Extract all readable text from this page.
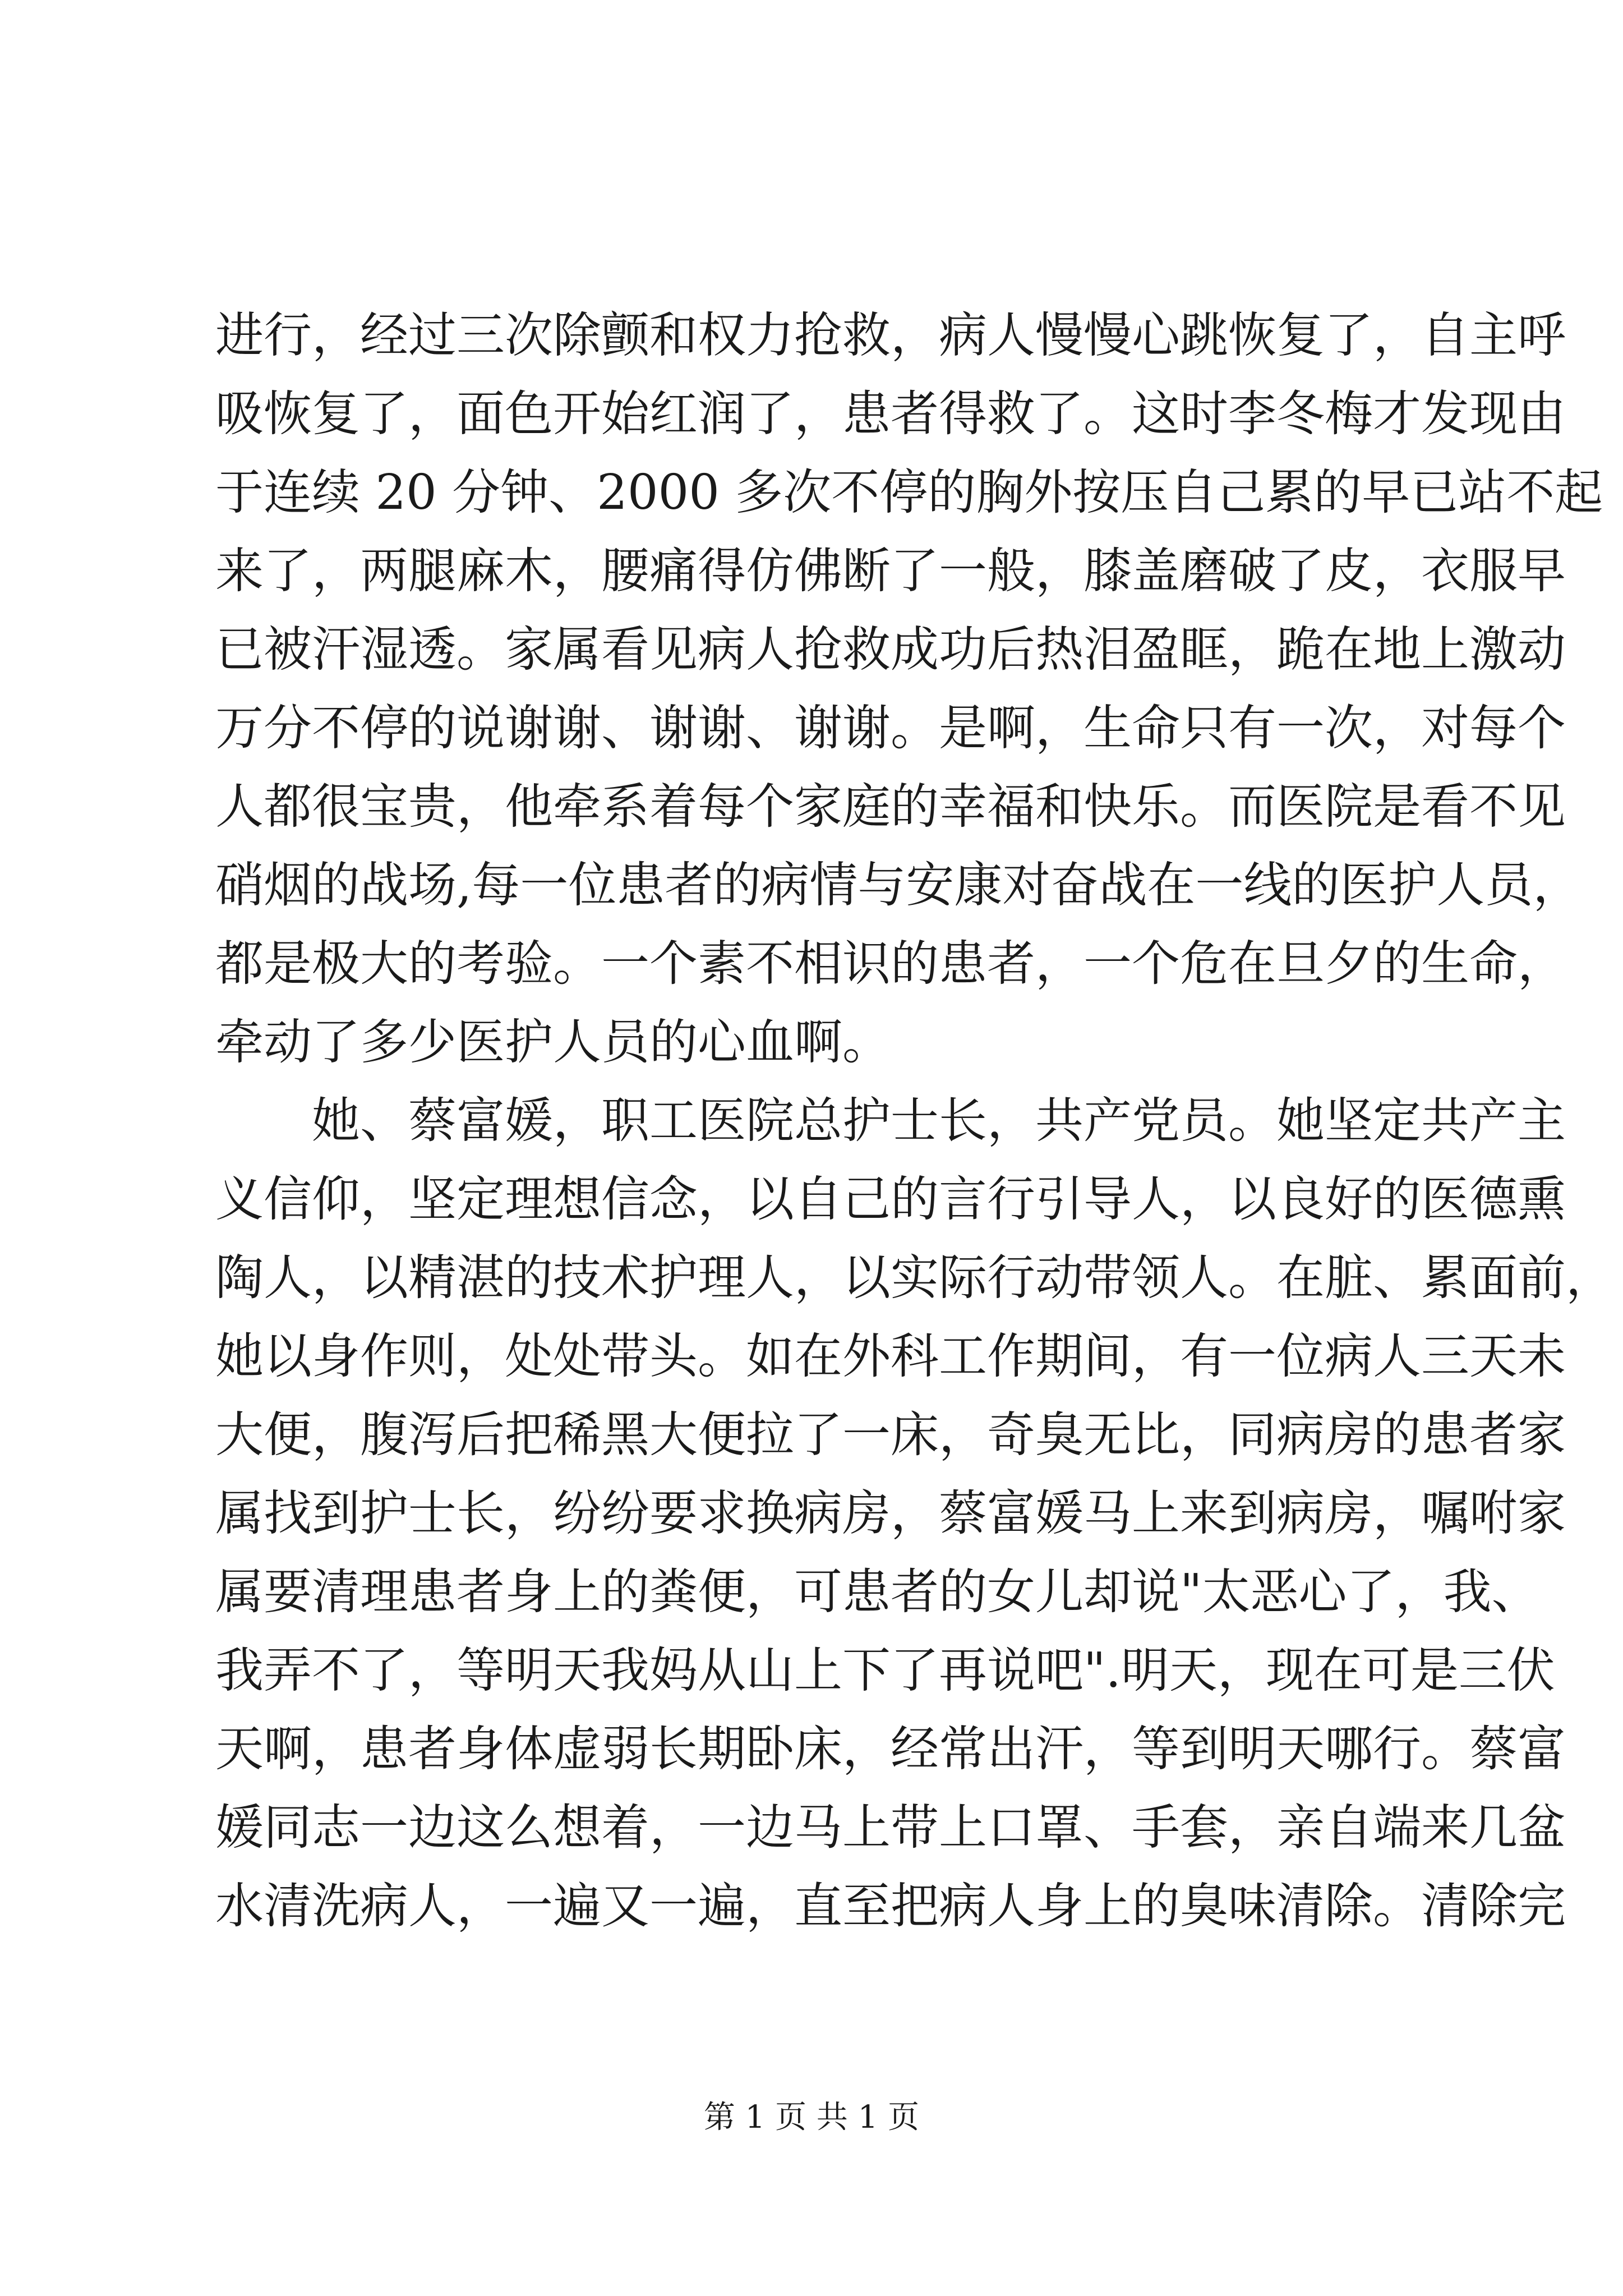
进行，经过三次除颤和权力抢救，病人慢慢心跳恢复了，自主呼
吸恢复了，面色开始红润了，患者得救了。这时李冬梅才发现由
于连续 20 分钟、2000 多次不停的胸外按压自己累的早已站不起
来了，两腿麻木，腰痛得仿佛断了一般，膝盖磨破了皮，衣服早
已被汗湿透。家属看见病人抢救成功后热泪盈眶，跪在地上激动
万分不停的说谢谢、谢谢、谢谢。是啊，生命只有一次，对每个
人都很宝贵，他牵系着每个家庭的幸福和快乐。而医院是看不见
硝烟的战场,每一位患者的病情与安康对奋战在一线的医护人员，
都是极大的考验。一个素不相识的患者，一个危在旦夕的生命，
牵动了多少医护人员的心血啊。
　　她、蔡富媛，职工医院总护士长，共产党员。她坚定共产主
义信仰，坚定理想信念，以自己的言行引导人，以良好的医德熏
陶人，以精湛的技术护理人，以实际行动带领人。在脏、累面前，
她以身作则，处处带头。如在外科工作期间，有一位病人三天未
大便，腹泻后把稀黑大便拉了一床，奇臭无比，同病房的患者家
属找到护士长，纷纷要求换病房，蔡富媛马上来到病房，嘱咐家
属要清理患者身上的粪便，可患者的女儿却说"太恶心了，我、
我弄不了，等明天我妈从山上下了再说吧".明天，现在可是三伏
天啊，患者身体虚弱长期卧床，经常出汗，等到明天哪行。蔡富
媛同志一边这么想着，一边马上带上口罩、手套，亲自端来几盆
水清洗病人，一遍又一遍，直至把病人身上的臭味清除。清除完
第 1 页 共 1 页
